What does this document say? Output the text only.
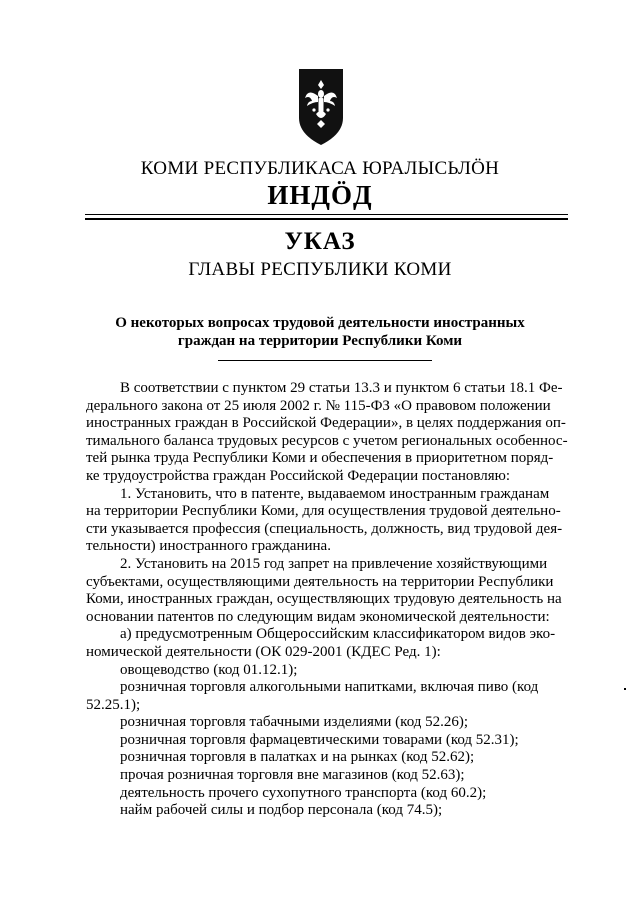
КОМИ РЕСПУБЛИКАСА ЮРАЛЫСЬЛӦН
ИНДӦД
УКАЗ
ГЛАВЫ РЕСПУБЛИКИ КОМИ
О некоторых вопросах трудовой деятельности иностранных
граждан на территории Республики Коми
В соответствии с пунктом 29 статьи 13.3 и пунктом 6 статьи 18.1 Фе-
дерального закона от 25 июля 2002 г. № 115-ФЗ «О правовом положении
иностранных граждан в Российской Федерации», в целях поддержания оп-
тимального баланса трудовых ресурсов с учетом региональных особеннос-
тей рынка труда Республики Коми и обеспечения в приоритетном поряд-
ке трудоустройства граждан Российской Федерации постановляю:
1. Установить, что в патенте, выдаваемом иностранным гражданам
на территории Республики Коми, для осуществления трудовой деятельно-
сти указывается профессия (специальность, должность, вид трудовой дея-
тельности) иностранного гражданина.
2. Установить на 2015 год запрет на привлечение хозяйствующими
субъектами, осуществляющими деятельность на территории Республики
Коми, иностранных граждан, осуществляющих трудовую деятельность на
основании патентов по следующим видам экономической деятельности:
а) предусмотренным Общероссийским классификатором видов эко-
номической деятельности (ОК 029-2001 (КДЕС Ред. 1):
овощеводство (код 01.12.1);
розничная торговля алкогольными напитками, включая пиво (код
52.25.1);
розничная торговля табачными изделиями (код 52.26);
розничная торговля фармацевтическими товарами (код 52.31);
розничная торговля в палатках и на рынках (код 52.62);
прочая розничная торговля вне магазинов (код 52.63);
деятельность прочего сухопутного транспорта (код 60.2);
найм рабочей силы и подбор персонала (код 74.5);
